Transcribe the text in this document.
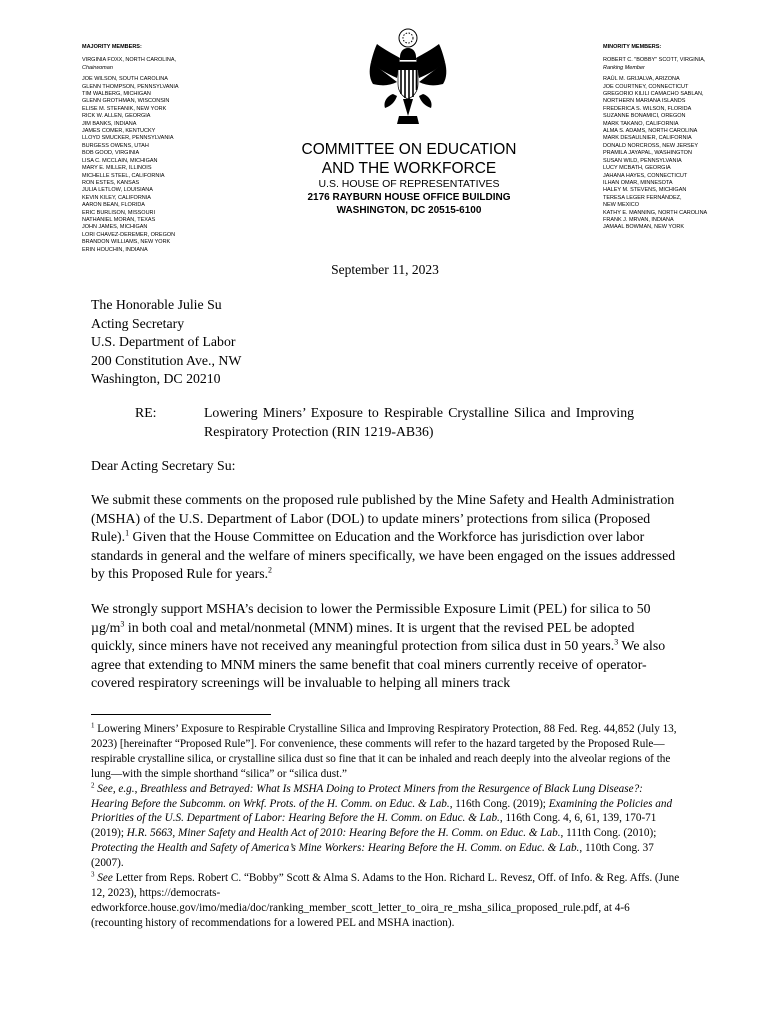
MAJORITY MEMBERS:
VIRGINIA FOXX, NORTH CAROLINA,
Chairwoman
JOE WILSON, SOUTH CAROLINA
GLENN THOMPSON, PENNSYLVANIA
TIM WALBERG, MICHIGAN
GLENN GROTHMAN, WISCONSIN
ELISE M. STEFANIK, NEW YORK
RICK W. ALLEN, GEORGIA
JIM BANKS, INDIANA
JAMES COMER, KENTUCKY
LLOYD SMUCKER, PENNSYLVANIA
BURGESS OWENS, UTAH
BOB GOOD, VIRGINIA
LISA C. MCCLAIN, MICHIGAN
MARY E. MILLER, ILLINOIS
MICHELLE STEEL, CALIFORNIA
RON ESTES, KANSAS
JULIA LETLOW, LOUISIANA
KEVIN KILEY, CALIFORNIA
AARON BEAN, FLORIDA
ERIC BURLISON, MISSOURI
NATHANIEL MORAN, TEXAS
JOHN JAMES, MICHIGAN
LORI CHAVEZ-DEREMER, OREGON
BRANDON WILLIAMS, NEW YORK
ERIN HOUCHIN, INDIANA
MINORITY MEMBERS:
ROBERT C. "BOBBY" SCOTT, VIRGINIA,
Ranking Member
RAÚL M. GRIJALVA, ARIZONA
JOE COURTNEY, CONNECTICUT
GREGORIO KILILI CAMACHO SABLAN,
NORTHERN MARIANA ISLANDS
FREDERICA S. WILSON, FLORIDA
SUZANNE BONAMICI, OREGON
MARK TAKANO, CALIFORNIA
ALMA S. ADAMS, NORTH CAROLINA
MARK DESAULNIER, CALIFORNIA
DONALD NORCROSS, NEW JERSEY
PRAMILA JAYAPAL, WASHINGTON
SUSAN WILD, PENNSYLVANIA
LUCY MCBATH, GEORGIA
JAHANA HAYES, CONNECTICUT
ILHAN OMAR, MINNESOTA
HALEY M. STEVENS, MICHIGAN
TERESA LEGER FERNÁNDEZ,
NEW MEXICO
KATHY E. MANNING, NORTH CAROLINA
FRANK J. MRVAN, INDIANA
JAMAAL BOWMAN, NEW YORK
COMMITTEE ON EDUCATION
AND THE WORKFORCE
U.S. HOUSE OF REPRESENTATIVES
2176 RAYBURN HOUSE OFFICE BUILDING
WASHINGTON, DC 20515-6100
September 11, 2023
The Honorable Julie Su
Acting Secretary
U.S. Department of Labor
200 Constitution Ave., NW
Washington, DC 20210
RE:	Lowering Miners’ Exposure to Respirable Crystalline Silica and Improving Respiratory Protection (RIN 1219-AB36)
Dear Acting Secretary Su:
We submit these comments on the proposed rule published by the Mine Safety and Health Administration (MSHA) of the U.S. Department of Labor (DOL) to update miners’ protections from silica (Proposed Rule).$^1$ Given that the House Committee on Education and the Workforce has jurisdiction over labor standards in general and the welfare of miners specifically, we have been engaged on the issues addressed by this Proposed Rule for years.$^2$
We strongly support MSHA’s decision to lower the Permissible Exposure Limit (PEL) for silica to 50 $\mu g/m^3$ in both coal and metal/nonmetal (MNM) mines. It is urgent that the revised PEL be adopted quickly, since miners have not received any meaningful protection from silica dust in 50 years.$^3$ We also agree that extending to MNM miners the same benefit that coal miners currently receive of operator-covered respiratory screenings will be invaluable to helping all miners track
$^1$ Lowering Miners’ Exposure to Respirable Crystalline Silica and Improving Respiratory Protection, 88 Fed. Reg. 44,852 (July 13, 2023) [hereinafter “Proposed Rule”]. For convenience, these comments will refer to the hazard targeted by the Proposed Rule—respirable crystalline silica, or crystalline silica dust so fine that it can be inhaled and reach deeply into the alveolar regions of the lung—with the simple shorthand “silica” or “silica dust.”
$^2$ See, e.g., Breathless and Betrayed: What Is MSHA Doing to Protect Miners from the Resurgence of Black Lung Disease?: Hearing Before the Subcomm. on Wrkf. Prots. of the H. Comm. on Educ. & Lab., 116th Cong. (2019); Examining the Policies and Priorities of the U.S. Department of Labor: Hearing Before the H. Comm. on Educ. & Lab., 116th Cong. 4, 6, 61, 139, 170-71 (2019); H.R. 5663, Miner Safety and Health Act of 2010: Hearing Before the H. Comm. on Educ. & Lab., 111th Cong. (2010); Protecting the Health and Safety of America’s Mine Workers: Hearing Before the H. Comm. on Educ. & Lab., 110th Cong. 37 (2007).
$^3$ See Letter from Reps. Robert C. “Bobby” Scott & Alma S. Adams to the Hon. Richard L. Revesz, Off. of Info. & Reg. Affs. (June 12, 2023), https://democrats-edworkforce.house.gov/imo/media/doc/ranking_member_scott_letter_to_oira_re_msha_silica_proposed_rule.pdf, at 4-6 (recounting history of recommendations for a lowered PEL and MSHA inaction).
